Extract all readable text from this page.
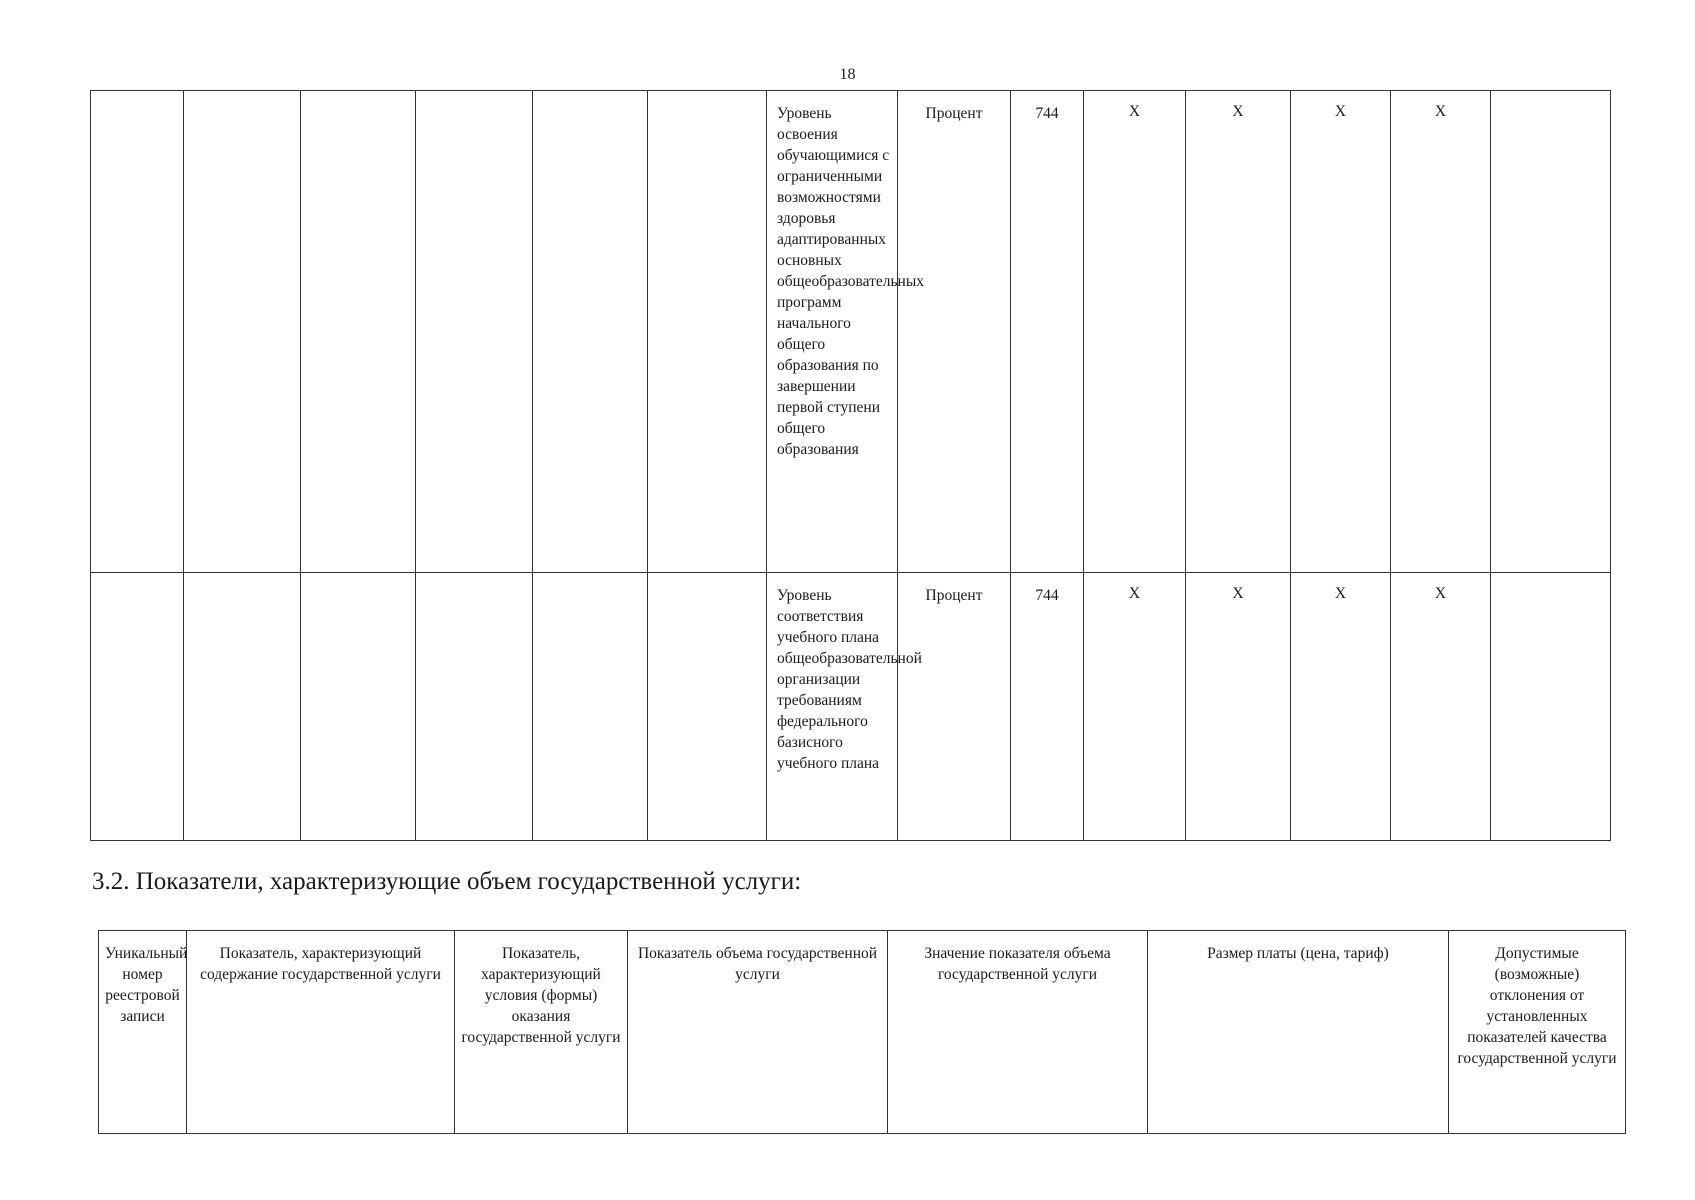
18
						Уровень освоения обучающимися с ограниченными возможностями здоровья адаптированных основных общеобразовательных программ начального общего образования по завершении первой ступени общего образования	Процент	744	X	X	X	X	
						Уровень соответствия учебного плана общеобразовательной организации требованиям федерального базисного учебного плана	Процент	744	X	X	X	X	
3.2. Показатели, характеризующие объем государственной услуги:
Уникальный номер реестровой записи	Показатель, характеризующий содержание государственной услуги	Показатель, характеризующий условия (формы) оказания государственной услуги	Показатель объема государственной услуги	Значение показателя объема государственной услуги	Размер платы (цена, тариф)	Допустимые (возможные) отклонения от установленных показателей качества государственной услуги
